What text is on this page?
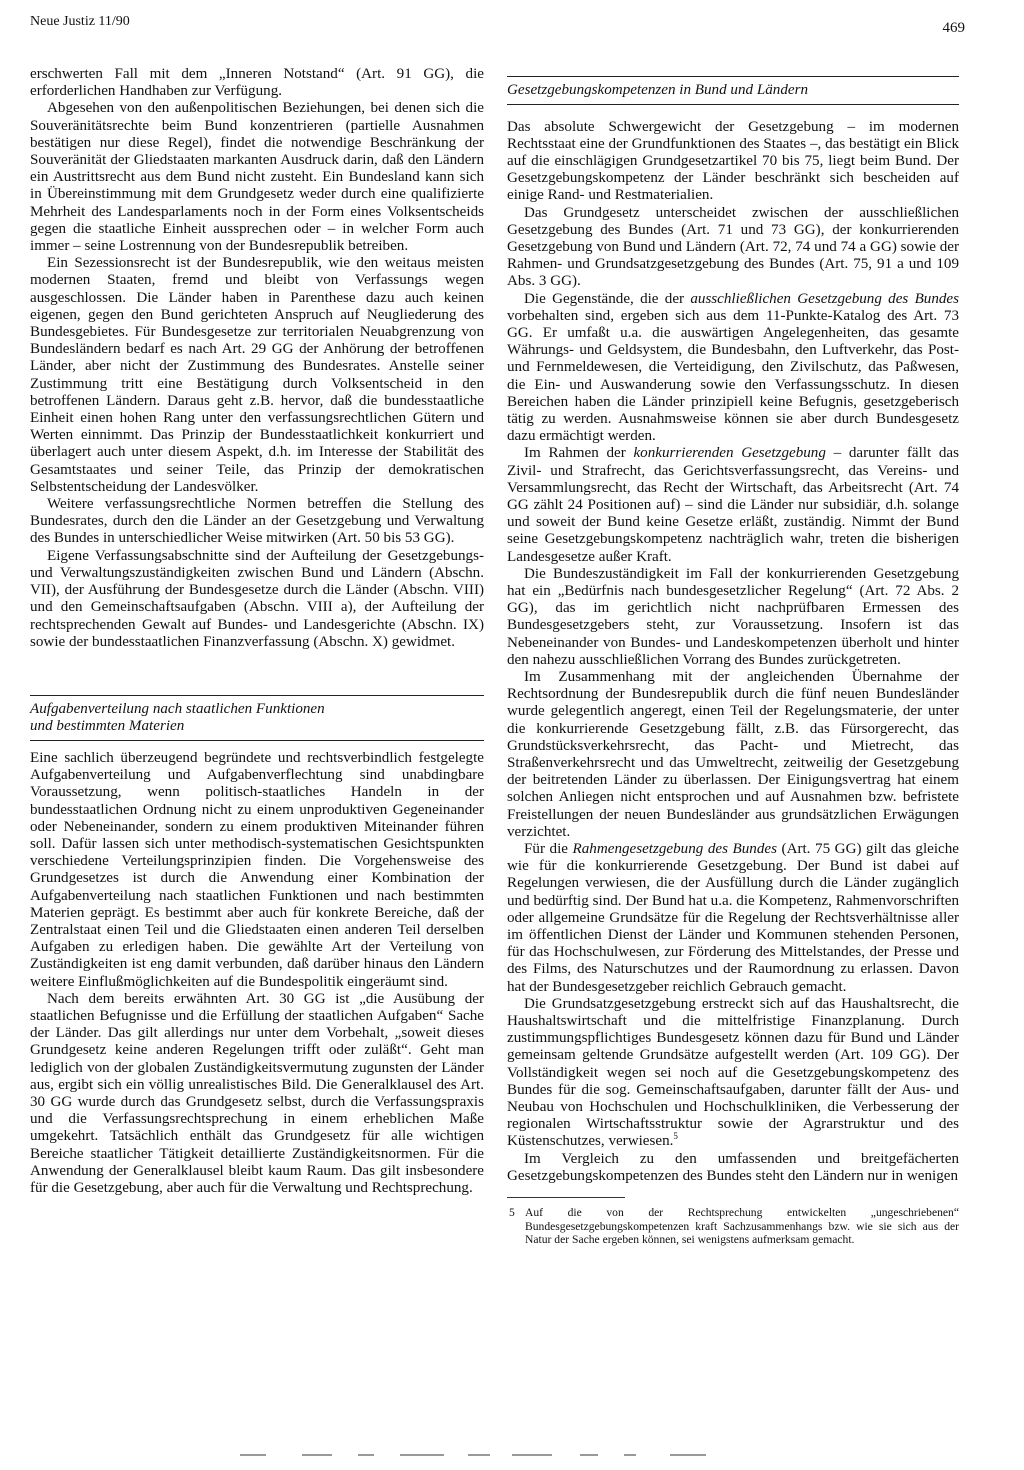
Neue Justiz 11/90	469

erschwerten Fall mit dem „Inneren Notstand“ (Art. 91 GG), die erforderlichen Handhaben zur Verfügung.

Abgesehen von den außenpolitischen Beziehungen, bei denen sich die Souveränitätsrechte beim Bund konzentrieren (partielle Ausnahmen bestätigen nur diese Regel), findet die notwendige Beschränkung der Souveränität der Gliedstaaten markanten Ausdruck darin, daß den Ländern ein Austrittsrecht aus dem Bund nicht zusteht. Ein Bundesland kann sich in Übereinstimmung mit dem Grundgesetz weder durch eine qualifizierte Mehrheit des Landesparlaments noch in der Form eines Volksentscheids gegen die staatliche Einheit aussprechen oder – in welcher Form auch immer – seine Lostrennung von der Bundesrepublik betreiben.

Ein Sezessionsrecht ist der Bundesrepublik, wie den weitaus meisten modernen Staaten, fremd und bleibt von Verfassungs wegen ausgeschlossen. Die Länder haben in Parenthese dazu auch keinen eigenen, gegen den Bund gerichteten Anspruch auf Neugliederung des Bundesgebietes. Für Bundesgesetze zur territorialen Neuabgrenzung von Bundesländern bedarf es nach Art. 29 GG der Anhörung der betroffenen Länder, aber nicht der Zustimmung des Bundesrates. Anstelle seiner Zustimmung tritt eine Bestätigung durch Volksentscheid in den betroffenen Ländern. Daraus geht z.B. hervor, daß die bundesstaatliche Einheit einen hohen Rang unter den verfassungsrechtlichen Gütern und Werten einnimmt. Das Prinzip der Bundesstaatlichkeit konkurriert und überlagert auch unter diesem Aspekt, d.h. im Interesse der Stabilität des Gesamtstaates und seiner Teile, das Prinzip der demokratischen Selbstentscheidung der Landesvölker.

Weitere verfassungsrechtliche Normen betreffen die Stellung des Bundesrates, durch den die Länder an der Gesetzgebung und Verwaltung des Bundes in unterschiedlicher Weise mitwirken (Art. 50 bis 53 GG).

Eigene Verfassungsabschnitte sind der Aufteilung der Gesetzgebungs- und Verwaltungszuständigkeiten zwischen Bund und Ländern (Abschn. VII), der Ausführung der Bundesgesetze durch die Länder (Abschn. VIII) und den Gemeinschaftsaufgaben (Abschn. VIII a), der Aufteilung der rechtsprechenden Gewalt auf Bundes- und Landesgerichte (Abschn. IX) sowie der bundesstaatlichen Finanzverfassung (Abschn. X) gewidmet.

Aufgabenverteilung nach staatlichen Funktionen

und bestimmten Materien

Eine sachlich überzeugend begründete und rechtsverbindlich festgelegte Aufgabenverteilung und Aufgabenverflechtung sind unabdingbare Voraussetzung, wenn politisch-staatliches Handeln in der bundesstaatlichen Ordnung nicht zu einem unproduktiven Gegeneinander oder Nebeneinander, sondern zu einem produktiven Miteinander führen soll. Dafür lassen sich unter methodisch-systematischen Gesichtspunkten verschiedene Verteilungsprinzipien finden. Die Vorgehensweise des Grundgesetzes ist durch die Anwendung einer Kombination der Aufgabenverteilung nach staatlichen Funktionen und nach bestimmten Materien geprägt. Es bestimmt aber auch für konkrete Bereiche, daß der Zentralstaat einen Teil und die Gliedstaaten einen anderen Teil derselben Aufgaben zu erledigen haben. Die gewählte Art der Verteilung von Zuständigkeiten ist eng damit verbunden, daß darüber hinaus den Ländern weitere Einflußmöglichkeiten auf die Bundespolitik eingeräumt sind.

Nach dem bereits erwähnten Art. 30 GG ist „die Ausübung der staatlichen Befugnisse und die Erfüllung der staatlichen Aufgaben“ Sache der Länder. Das gilt allerdings nur unter dem Vorbehalt, „soweit dieses Grundgesetz keine anderen Regelungen trifft oder zuläßt“. Geht man lediglich von der globalen Zuständigkeitsvermutung zugunsten der Länder aus, ergibt sich ein völlig unrealistisches Bild. Die Generalklausel des Art. 30 GG wurde durch das Grundgesetz selbst, durch die Verfassungspraxis und die Verfassungsrechtsprechung in einem erheblichen Maße umgekehrt. Tatsächlich enthält das Grundgesetz für alle wichtigen Bereiche staatlicher Tätigkeit detaillierte Zuständigkeitsnormen. Für die Anwendung der Generalklausel bleibt kaum Raum. Das gilt insbesondere für die Gesetzgebung, aber auch für die Verwaltung und Rechtsprechung.

Gesetzgebungskompetenzen in Bund und Ländern

Das absolute Schwergewicht der Gesetzgebung – im modernen Rechtsstaat eine der Grundfunktionen des Staates –, das bestätigt ein Blick auf die einschlägigen Grundgesetzartikel 70 bis 75, liegt beim Bund. Der Gesetzgebungskompetenz der Länder beschränkt sich bescheiden auf einige Rand- und Restmaterialien.

Das Grundgesetz unterscheidet zwischen der ausschließlichen Gesetzgebung des Bundes (Art. 71 und 73 GG), der konkurrierenden Gesetzgebung von Bund und Ländern (Art. 72, 74 und 74 a GG) sowie der Rahmen- und Grundsatzgesetzgebung des Bundes (Art. 75, 91 a und 109 Abs. 3 GG).

Die Gegenstände, die der ausschließlichen Gesetzgebung des Bundes vorbehalten sind, ergeben sich aus dem 11-Punkte-Katalog des Art. 73 GG. Er umfaßt u.a. die auswärtigen Angelegenheiten, das gesamte Währungs- und Geldsystem, die Bundesbahn, den Luftverkehr, das Post- und Fernmeldewesen, die Verteidigung, den Zivilschutz, das Paßwesen, die Ein- und Auswanderung sowie den Verfassungsschutz. In diesen Bereichen haben die Länder prinzipiell keine Befugnis, gesetzgeberisch tätig zu werden. Ausnahmsweise können sie aber durch Bundesgesetz dazu ermächtigt werden.

Im Rahmen der konkurrierenden Gesetzgebung – darunter fällt das Zivil- und Strafrecht, das Gerichtsverfassungsrecht, das Vereins- und Versammlungsrecht, das Recht der Wirtschaft, das Arbeitsrecht (Art. 74 GG zählt 24 Positionen auf) – sind die Länder nur subsidiär, d.h. solange und soweit der Bund keine Gesetze erläßt, zuständig. Nimmt der Bund seine Gesetzgebungskompetenz nachträglich wahr, treten die bisherigen Landesgesetze außer Kraft.

Die Bundeszuständigkeit im Fall der konkurrierenden Gesetzgebung hat ein „Bedürfnis nach bundesgesetzlicher Regelung“ (Art. 72 Abs. 2 GG), das im gerichtlich nicht nachprüfbaren Ermessen des Bundesgesetzgebers steht, zur Voraussetzung. Insofern ist das Nebeneinander von Bundes- und Landeskompetenzen überholt und hinter den nahezu ausschließlichen Vorrang des Bundes zurückgetreten.

Im Zusammenhang mit der angleichenden Übernahme der Rechtsordnung der Bundesrepublik durch die fünf neuen Bundesländer wurde gelegentlich angeregt, einen Teil der Regelungsmaterie, der unter die konkurrierende Gesetzgebung fällt, z.B. das Fürsorgerecht, das Grundstücksverkehrsrecht, das Pacht- und Mietrecht, das Straßenverkehrsrecht und das Umweltrecht, zeitweilig der Gesetzgebung der beitretenden Länder zu überlassen. Der Einigungsvertrag hat einem solchen Anliegen nicht entsprochen und auf Ausnahmen bzw. befristete Freistellungen der neuen Bundesländer aus grundsätzlichen Erwägungen verzichtet.

Für die Rahmengesetzgebung des Bundes (Art. 75 GG) gilt das gleiche wie für die konkurrierende Gesetzgebung. Der Bund ist dabei auf Regelungen verwiesen, die der Ausfüllung durch die Länder zugänglich und bedürftig sind. Der Bund hat u.a. die Kompetenz, Rahmenvorschriften oder allgemeine Grundsätze für die Regelung der Rechtsverhältnisse aller im öffentlichen Dienst der Länder und Kommunen stehenden Personen, für das Hochschulwesen, zur Förderung des Mittelstandes, der Presse und des Films, des Naturschutzes und der Raumordnung zu erlassen. Davon hat der Bundesgesetzgeber reichlich Gebrauch gemacht.

Die Grundsatzgesetzgebung erstreckt sich auf das Haushaltsrecht, die Haushaltswirtschaft und die mittelfristige Finanzplanung. Durch zustimmungspflichtiges Bundesgesetz können dazu für Bund und Länder gemeinsam geltende Grundsätze aufgestellt werden (Art. 109 GG). Der Vollständigkeit wegen sei noch auf die Gesetzgebungskompetenz des Bundes für die sog. Gemeinschaftsaufgaben, darunter fällt der Aus- und Neubau von Hochschulen und Hochschulkliniken, die Verbesserung der regionalen Wirtschaftsstruktur sowie der Agrarstruktur und des Küstenschutzes, verwiesen.$^5$

Im Vergleich zu den umfassenden und breitgefächerten Gesetzgebungskompetenzen des Bundes steht den Ländern nur in wenigen

5 Auf die von der Rechtsprechung entwickelten „ungeschriebenen“ Bundesgesetzgebungskompetenzen kraft Sachzusammenhangs bzw. wie sie sich aus der Natur der Sache ergeben können, sei wenigstens aufmerksam gemacht.
